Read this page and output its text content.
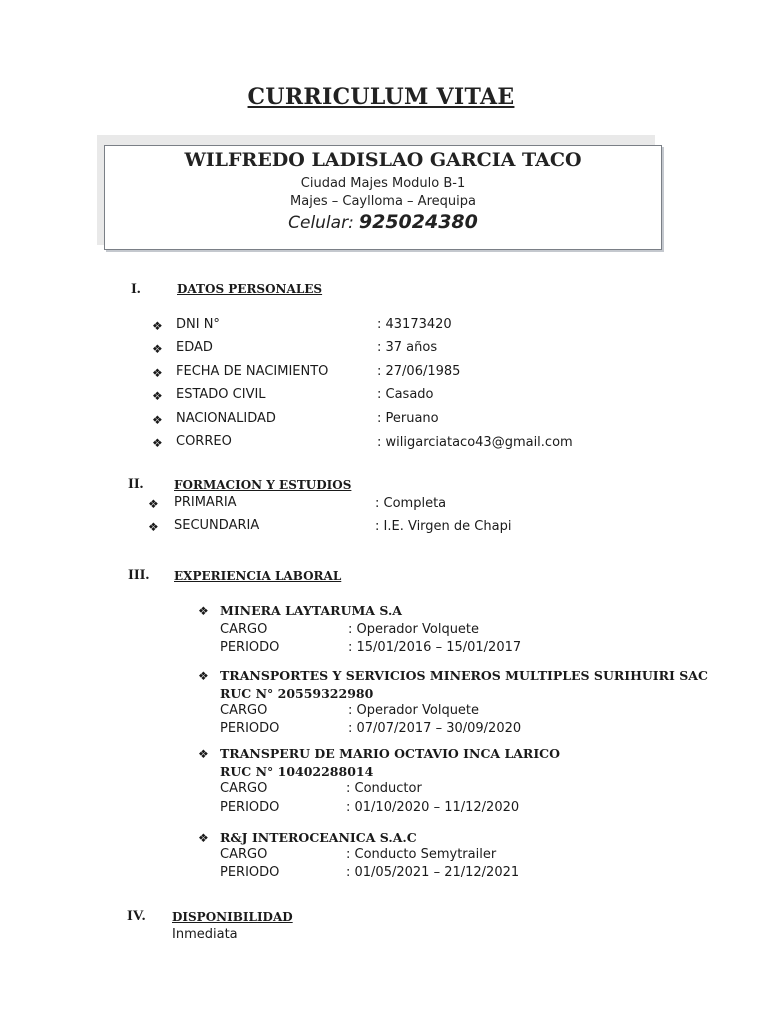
CURRICULUM VITAE
WILFREDO LADISLAO GARCIA TACO
Ciudad Majes Modulo B-1
Majes – Caylloma – Arequipa
Celular: 925024380
I.	DATOS PERSONALES
❖ DNI N°	: 43173420
❖ EDAD	: 37 años
❖ FECHA DE NACIMIENTO	: 27/06/1985
❖ ESTADO CIVIL	: Casado
❖ NACIONALIDAD	: Peruano
❖ CORREO	: wiligarciataco43@gmail.com
II.	FORMACION Y ESTUDIOS
❖ PRIMARIA	: Completa
❖ SECUNDARIA	: I.E. Virgen de Chapi
III. EXPERIENCIA LABORAL
❖ MINERA LAYTARUMA S.A
CARGO	: Operador Volquete
PERIODO	: 15/01/2016 – 15/01/2017
❖ TRANSPORTES Y SERVICIOS MINEROS MULTIPLES SURIHUIRI SAC
RUC N° 20559322980
CARGO	: Operador Volquete
PERIODO	: 07/07/2017 – 30/09/2020
❖ TRANSPERU DE MARIO OCTAVIO INCA LARICO
RUC N° 10402288014
CARGO	: Conductor
PERIODO	: 01/10/2020 – 11/12/2020
❖ R&J INTEROCEANICA S.A.C
CARGO	: Conducto Semytrailer
PERIODO	: 01/05/2021 – 21/12/2021
IV. DISPONIBILIDAD
Inmediata
